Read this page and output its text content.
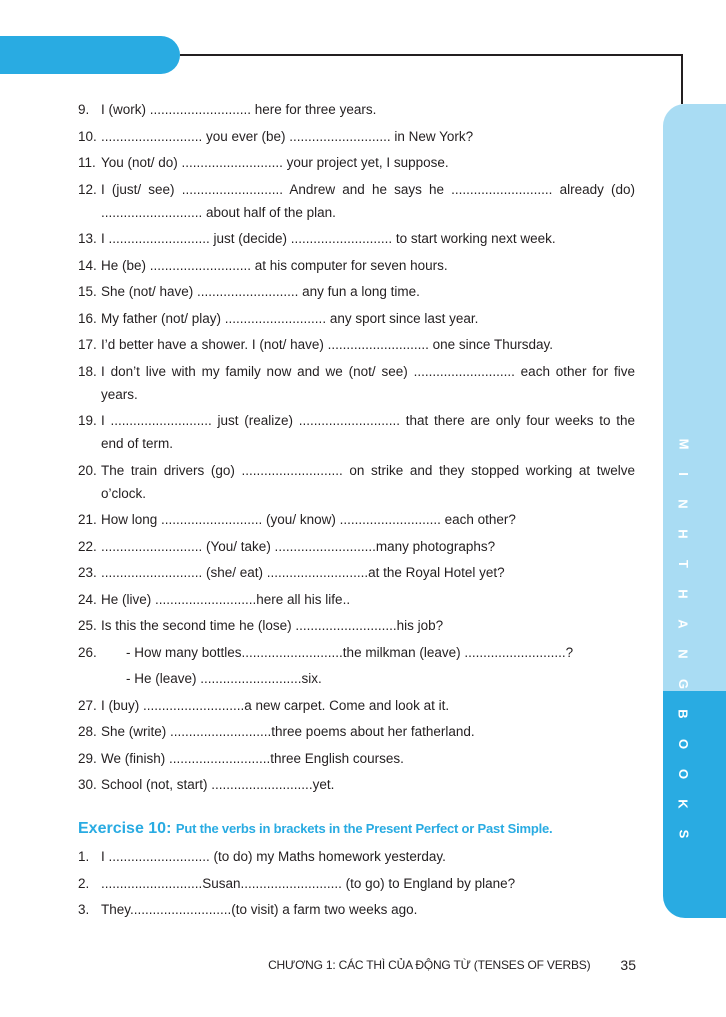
M
I
N
H
T
H
A
N
G
B
O
O
K
S
9. I (work) ........................... here for three years.
10. ........................... you ever (be) ........................... in New York?
11. You (not/ do) ........................... your project yet, I suppose.
12. I (just/ see) ........................... Andrew and he says he ........................... already (do) ........................... about half of the plan.
13. I ........................... just (decide) ........................... to start working next week.
14. He (be) ........................... at his computer for seven hours.
15. She (not/ have) ........................... any fun a long time.
16. My father (not/ play) ........................... any sport since last year.
17. I’d better have a shower. I (not/ have) ........................... one since Thursday.
18. I don’t live with my family now and we (not/ see) ........................... each other for five years.
19. I ........................... just (realize) ........................... that there are only four weeks to the end of term.
20. The train drivers (go) ........................... on strike and they stopped working at twelve o’clock.
21. How long ........................... (you/ know) ........................... each other?
22. ........................... (You/ take) ...........................many photographs?
23. ........................... (she/ eat) ...........................at the Royal Hotel yet?
24. He (live) ...........................here all his life..
25. Is this the second time he (lose) ...........................his job?
26. - How many bottles...........................the milkman (leave) ...........................?
- He (leave) ...........................six.
27. I (buy) ...........................a new carpet. Come and look at it.
28. She (write) ...........................three poems about her fatherland.
29. We (finish) ...........................three English courses.
30. School (not, start) ...........................yet.
Exercise 10: Put the verbs in brackets in the Present Perfect or Past Simple.
1. I ........................... (to do) my Maths homework yesterday.
2. ...........................Susan........................... (to go) to England by plane?
3. They...........................(to visit) a farm two weeks ago.
CHƯƠNG 1: CÁC THÌ CỦA ĐỘNG TỪ (TENSES OF VERBS) 35
